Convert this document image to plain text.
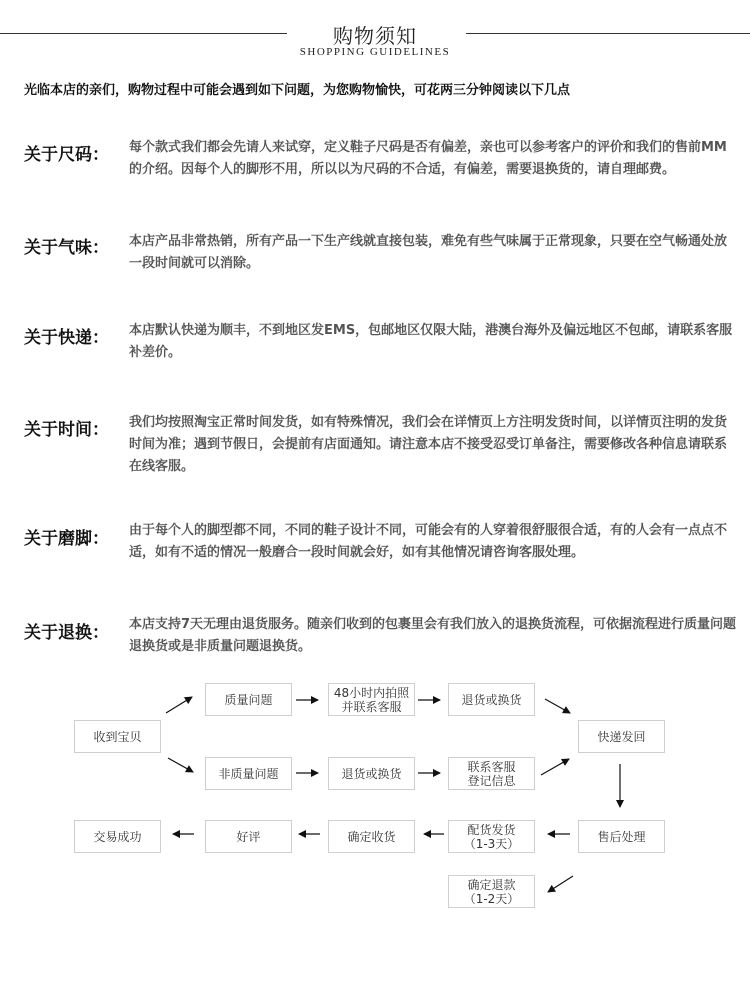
购物须知
SHOPPING GUIDELINES
光临本店的亲们，购物过程中可能会遇到如下问题，为您购物愉快，可花两三分钟阅读以下几点
关于尺码： 每个款式我们都会先请人来试穿，定义鞋子尺码是否有偏差，亲也可以参考客户的评价和我们的售前MM的介绍。因每个人的脚形不用，所以以为尺码的不合适，有偏差，需要退换货的，请自理邮费。
关于气味： 本店产品非常热销，所有产品一下生产线就直接包装，难免有些气味属于正常现象，只要在空气畅通处放一段时间就可以消除。
关于快递： 本店默认快递为顺丰，不到地区发EMS，包邮地区仅限大陆，港澳台海外及偏远地区不包邮，请联系客服补差价。
关于时间： 我们均按照淘宝正常时间发货，如有特殊情况，我们会在详情页上方注明发货时间，以详情页注明的发货时间为准；遇到节假日，会提前有店面通知。请注意本店不接受忍受订单备注，需要修改各种信息请联系在线客服。
关于磨脚： 由于每个人的脚型都不同，不同的鞋子设计不同，可能会有的人穿着很舒服很合适，有的人会有一点点不适，如有不适的情况一般磨合一段时间就会好，如有其他情况请咨询客服处理。
关于退换： 本店支持7天无理由退货服务。随亲们收到的包裹里会有我们放入的退换货流程，可依据流程进行质量问题退换货或是非质量问题退换货。
收到宝贝
质量问题
非质量问题
48小时内拍照
并联系客服
退货或换货
退货或换货
联系客服
登记信息
快递发回
售后处理
配货发货
（1-3天）
确定收货
好评
交易成功
确定退款
（1-2天）
